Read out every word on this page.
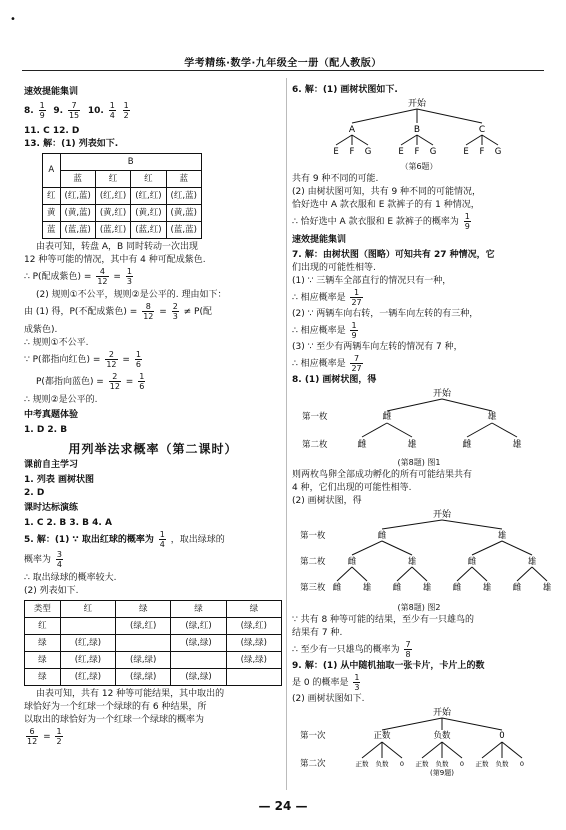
•
学考精练·数学·九年级全一册（配人教版）
速效提能集训
8. $\frac{1}{9} 9$. $\frac{7}{15} 10$. $\frac{1}{4}$
$\frac{1}{2}$
11. C 12. D
13. 解：(1) 列表如下.
A	B			
	蓝	红	红	蓝
红	(红,蓝)	(红,红)	(红,红)	(红,蓝)
黄	(黄,蓝)	(黄,红)	(黄,红)	(黄,蓝)
蓝	(蓝,蓝)	(蓝,红)	(蓝,红)	(蓝,蓝)
由表可知，转盘 A，B 同时转动一次出现
12 种等可能的情况，其中有 4 种可配成紫色.
∴ P(配成紫色) = $\frac{4}{12} = \frac{1}{3}$
(2) 规则①不公平，规则②是公平的. 理由如下：
由 (1) 得，P(不配成紫色) = $\frac{8}{12} = \frac{2}{3} \ne P$(配
成紫色).
∴ 规则①不公平.
∵ P(都指向红色) = $\frac{2}{12} = \frac{1}{6}$
P(都指向蓝色) = $\frac{2}{12} = \frac{1}{6}$
∴ 规则②是公平的.
中考真题体验
1. D 2. B
用列举法求概率（第二课时）
课前自主学习
1. 列表 画树状图
2. D
课时达标演练
1. C 2. B 3. B 4. A
5. 解：(1) ∵ 取出红球的概率为 $\frac{1}{4}$ ，取出绿球的
概率为 $\frac{3}{4}$
∴ 取出绿球的概率较大.
(2) 列表如下.
类型	红	绿	绿	绿
红		(绿,红)	(绿,红)	(绿,红)
绿	(红,绿)		(绿,绿)	(绿,绿)
绿	(红,绿)	(绿,绿)		(绿,绿)
绿	(红,绿)	(绿,绿)	(绿,绿)	
由表可知，共有 12 种等可能结果，其中取出的
球恰好为一个红球一个绿球的有 6 种结果，所
以取出的球恰好为一个红球一个绿球的概率为
$\frac{6}{12} = \frac{1}{2}$
6. 解：(1) 画树状图如下.
开始
A	B	C
E F G	E F G	E F G
（第6题）
共有 9 种不同的可能.
(2) 由树状图可知，共有 9 种不同的可能情况，
恰好选中 A 款衣服和 E 款裤子的有 1 种情况，
∴ 恰好选中 A 款衣服和 E 款裤子的概率为 $\frac{1}{9}$
速效提能集训
7. 解：由树状图（图略）可知共有 27 种情况，它
们出现的可能性相等.
(1) ∵ 三辆车全部直行的情况只有一种，
∴ 相应概率是 $\frac{1}{27}$
(2) ∵ 两辆车向右转，一辆车向左转的有三种，
∴ 相应概率是 $\frac{1}{9}$
(3) ∵ 至少有两辆车向左转的情况有 7 种，
∴ 相应概率是 $\frac{7}{27}$
8. (1) 画树状图，得
开始
第一枚	雌	雄
第二枚	雌	雄	雌	雄
(第8题) 图1
则两枚鸟卵全部成功孵化的所有可能结果共有
4 种，它们出现的可能性相等.
(2) 画树状图，得
开始
第一枚
第二枚
第三枚
雌	雄
雌	雄	雌	雄
雌	雄	雌	雄	雌	雄	雌	雄
(第8题) 图2
∵ 共有 8 种等可能的结果，至少有一只雄鸟的
结果有 7 种.
∴ 至少有一只雄鸟的概率为 $\frac{7}{8}$
9. 解：(1) 从中随机抽取一张卡片，卡片上的数
是 0 的概率是 $\frac{1}{3}$
(2) 画树状图如下.
开始
第一次
第二次
正数
正数 负数 0
负数
正数 负数 0
0
正数 负数 0
(第9题)
— 24 —
